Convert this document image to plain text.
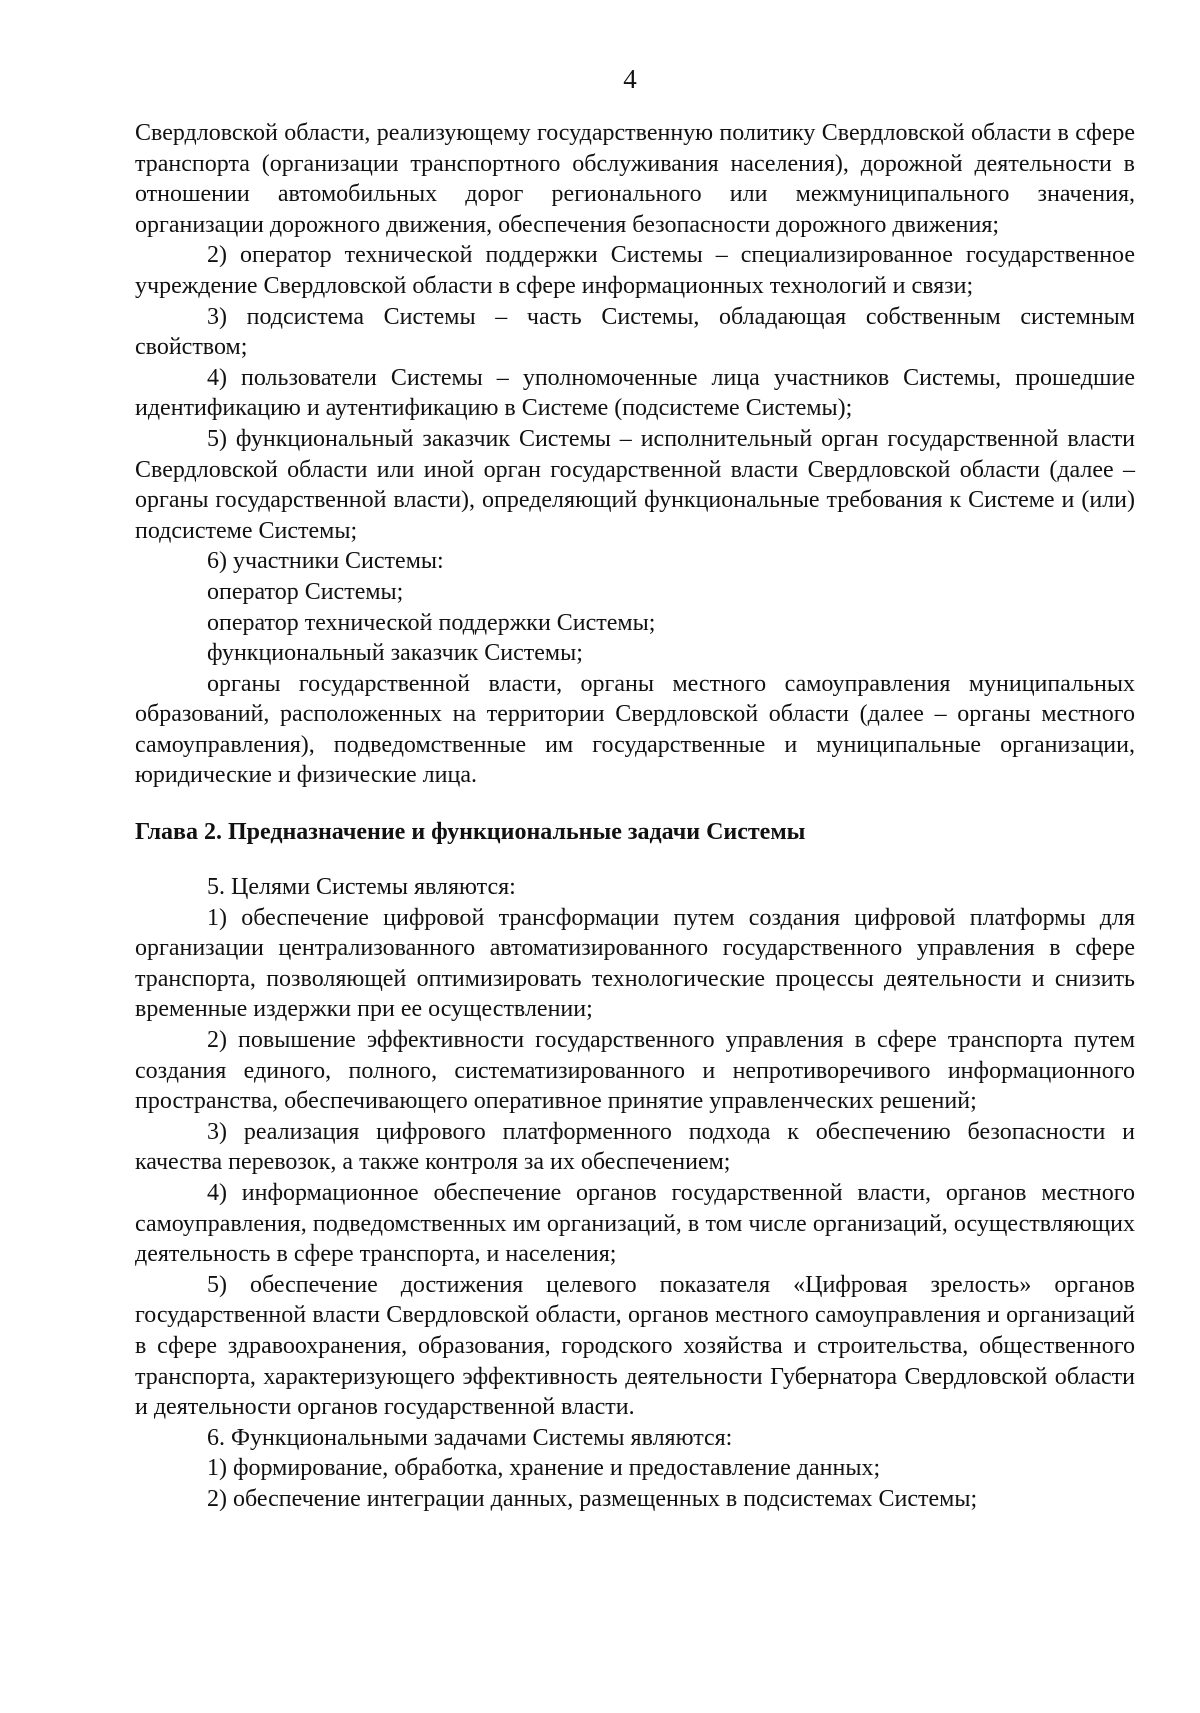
4

Свердловской области, реализующему государственную политику Свердловской области в сфере транспорта (организации транспортного обслуживания населения), дорожной деятельности в отношении автомобильных дорог регионального или межмуниципального значения, организации дорожного движения, обеспечения безопасности дорожного движения;

2) оператор технической поддержки Системы – специализированное государственное учреждение Свердловской области в сфере информационных технологий и связи;

3) подсистема Системы – часть Системы, обладающая собственным системным свойством;

4) пользователи Системы – уполномоченные лица участников Системы, прошедшие идентификацию и аутентификацию в Системе (подсистеме Системы);

5) функциональный заказчик Системы – исполнительный орган государственной власти Свердловской области или иной орган государственной власти Свердловской области (далее – органы государственной власти), определяющий функциональные требования к Системе и (или) подсистеме Системы;

6) участники Системы:

оператор Системы;

оператор технической поддержки Системы;

функциональный заказчик Системы;

органы государственной власти, органы местного самоуправления муниципальных образований, расположенных на территории Свердловской области (далее – органы местного самоуправления), подведомственные им государственные и муниципальные организации, юридические и физические лица.

Глава 2. Предназначение и функциональные задачи Системы

5. Целями Системы являются:

1) обеспечение цифровой трансформации путем создания цифровой платформы для организации централизованного автоматизированного государственного управления в сфере транспорта, позволяющей оптимизировать технологические процессы деятельности и снизить временные издержки при ее осуществлении;

2) повышение эффективности государственного управления в сфере транспорта путем создания единого, полного, систематизированного и непротиворечивого информационного пространства, обеспечивающего оперативное принятие управленческих решений;

3) реализация цифрового платформенного подхода к обеспечению безопасности и качества перевозок, а также контроля за их обеспечением;

4) информационное обеспечение органов государственной власти, органов местного самоуправления, подведомственных им организаций, в том числе организаций, осуществляющих деятельность в сфере транспорта, и населения;

5) обеспечение достижения целевого показателя «Цифровая зрелость» органов государственной власти Свердловской области, органов местного самоуправления и организаций в сфере здравоохранения, образования, городского хозяйства и строительства, общественного транспорта, характеризующего эффективность деятельности Губернатора Свердловской области и деятельности органов государственной власти.

6. Функциональными задачами Системы являются:

1) формирование, обработка, хранение и предоставление данных;

2) обеспечение интеграции данных, размещенных в подсистемах Системы;
